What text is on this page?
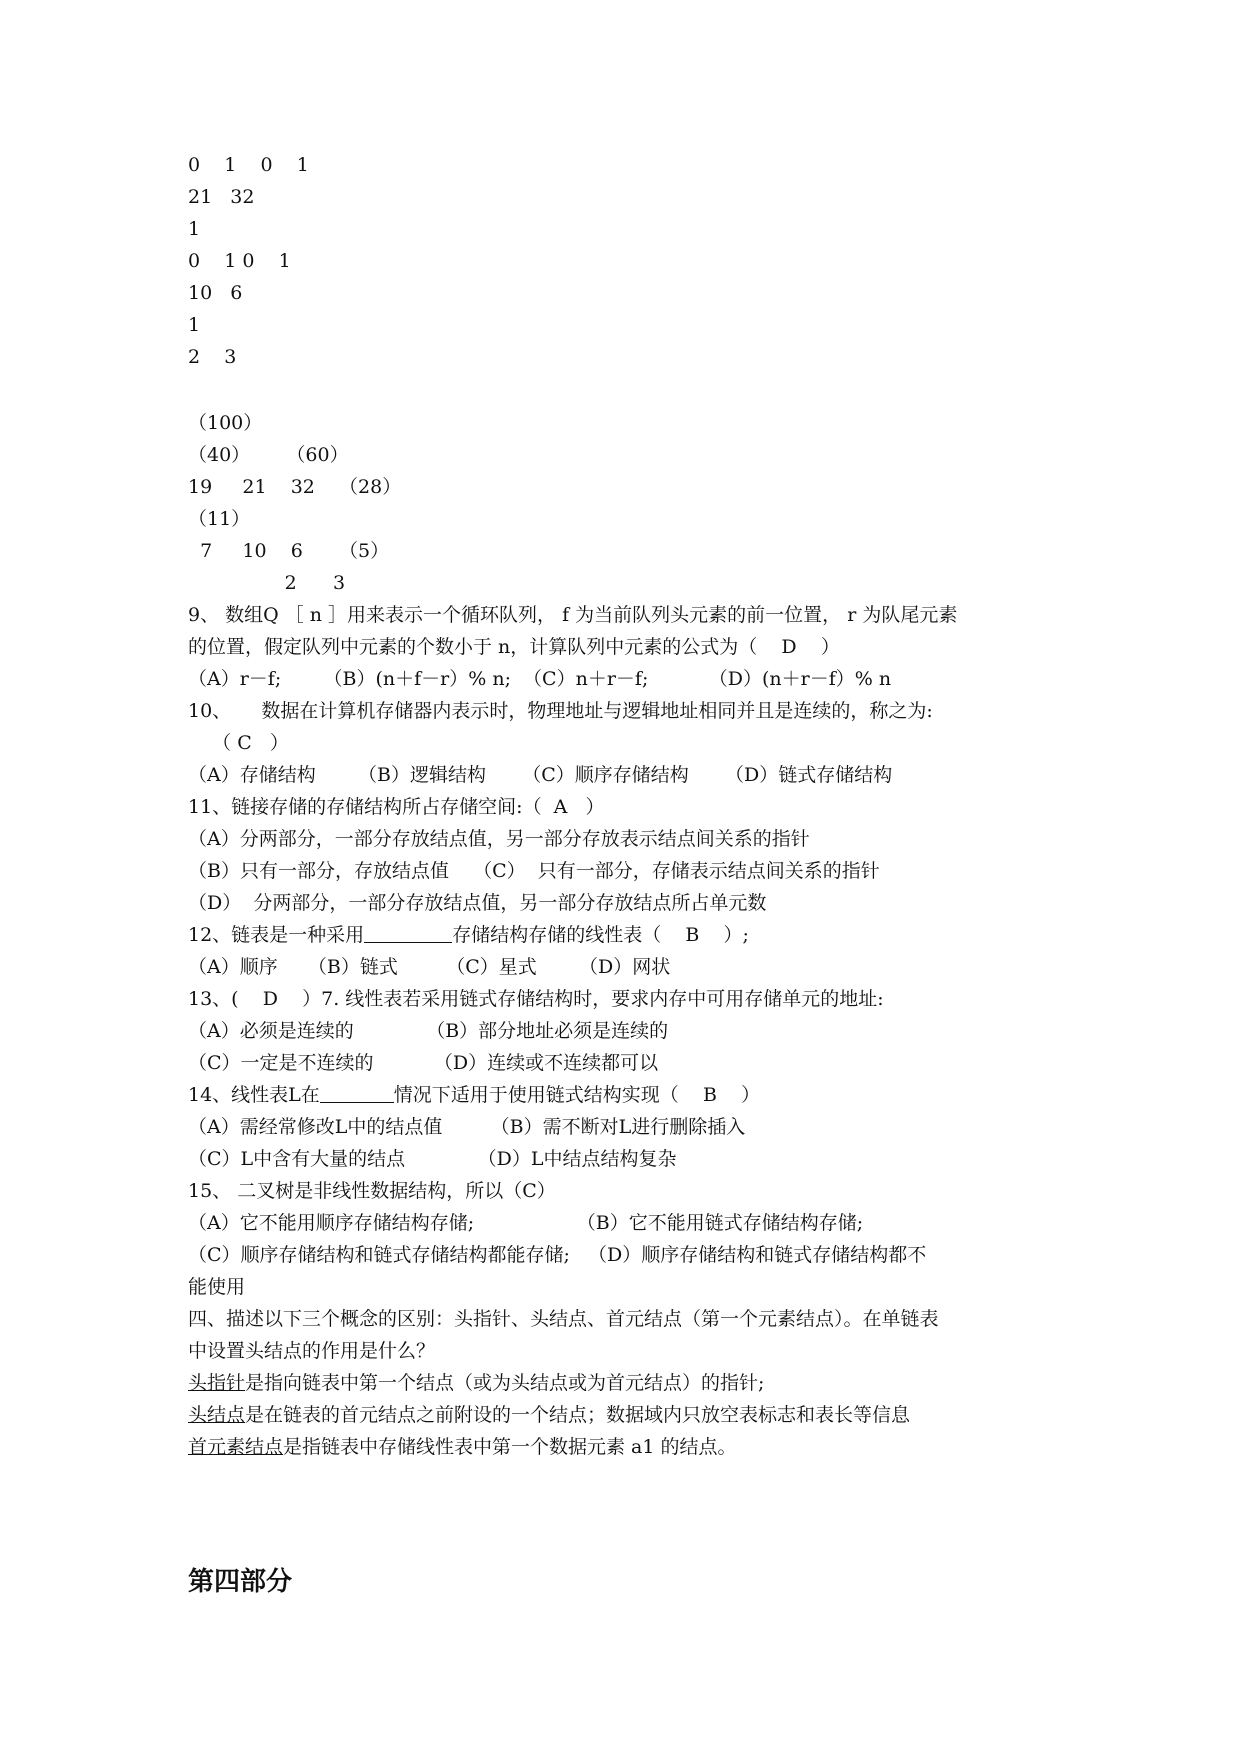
0    1    0    1
21   32
1
0    1 0    1
10   6
1
2    3
（100）
（40）      （60）
19     21    32    （28）
（11）
7     10    6      （5）
2      3
9、 数组Q ［ n ］用来表示一个循环队列， f 为当前队列头元素的前一位置， r 为队尾元素
的位置，假定队列中元素的个数小于 n，计算队列中元素的公式为（    D    ）
（A）r－f;       （B）(n＋f－r）% n;  （C）n＋r－f;          （D）(n＋r－f）% n
10、     数据在计算机存储器内表示时，物理地址与逻辑地址相同并且是连续的，称之为:
（ C   ）
（A）存储结构       （B）逻辑结构      （C）顺序存储结构      （D）链式存储结构
11、链接存储的存储结构所占存储空间:（  A   ）
（A）分两部分，一部分存放结点值，另一部分存放表示结点间关系的指针
（B）只有一部分，存放结点值    （C）  只有一部分，存储表示结点间关系的指针
（D）  分两部分，一部分存放结点值，另一部分存放结点所占单元数
12、链表是一种采用	存储结构存储的线性表（    B    ）;
（A）顺序     （B）链式        （C）星式       （D）网状
13、(    D    ）7. 线性表若采用链式存储结构时，要求内存中可用存储单元的地址:
（A）必须是连续的            （B）部分地址必须是连续的
（C）一定是不连续的          （D）连续或不连续都可以
14、线性表L在	情况下适用于使用链式结构实现（    B    ）
（A）需经常修改L中的结点值        （B）需不断对L进行删除插入
（C）L中含有大量的结点            （D）L中结点结构复杂
15、 二叉树是非线性数据结构，所以（C）
（A）它不能用顺序存储结构存储;                 （B）它不能用链式存储结构存储;
（C）顺序存储结构和链式存储结构都能存储;   （D）顺序存储结构和链式存储结构都不
能使用
四、描述以下三个概念的区别：头指针、头结点、首元结点（第一个元素结点）。在单链表
中设置头结点的作用是什么？
头指针是指向链表中第一个结点（或为头结点或为首元结点）的指针;
头结点是在链表的首元结点之前附设的一个结点；数据域内只放空表标志和表长等信息
首元素结点是指链表中存储线性表中第一个数据元素 a1 的结点。
第四部分
